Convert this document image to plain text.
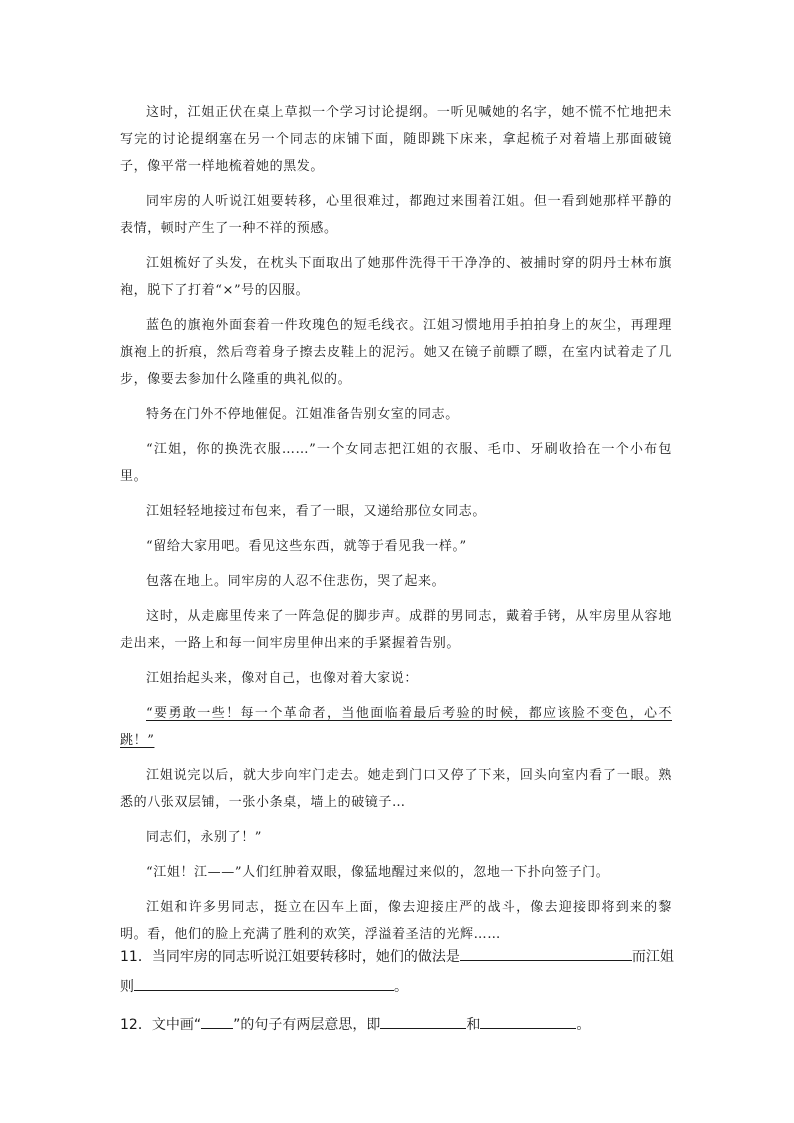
这时，江姐正伏在桌上草拟一个学习讨论提纲。一听见喊她的名字，她不慌不忙地把未写完的讨论提纲塞在另一个同志的床铺下面，随即跳下床来，拿起梳子对着墙上那面破镜子，像平常一样地梳着她的黑发。

同牢房的人听说江姐要转移，心里很难过，都跑过来围着江姐。但一看到她那样平静的表情，顿时产生了一种不祥的预感。

江姐梳好了头发，在枕头下面取出了她那件洗得干干净净的、被捕时穿的阴丹士林布旗袍，脱下了打着“×”号的囚服。

蓝色的旗袍外面套着一件玫瑰色的短毛线衣。江姐习惯地用手拍拍身上的灰尘，再理理旗袍上的折痕，然后弯着身子擦去皮鞋上的泥污。她又在镜子前瞟了瞟，在室内试着走了几步，像要去参加什么隆重的典礼似的。

特务在门外不停地催促。江姐准备告别女室的同志。

“江姐，你的换洗衣服……”一个女同志把江姐的衣服、毛巾、牙刷收拾在一个小布包里。

江姐轻轻地接过布包来，看了一眼，又递给那位女同志。

“留给大家用吧。看见这些东西，就等于看见我一样。”

包落在地上。同牢房的人忍不住悲伤，哭了起来。

这时，从走廊里传来了一阵急促的脚步声。成群的男同志，戴着手铐，从牢房里从容地走出来，一路上和每一间牢房里伸出来的手紧握着告别。

江姐抬起头来，像对自己，也像对着大家说：

“要勇敢一些！每一个革命者，当他面临着最后考验的时候，都应该脸不变色，心不跳！”

江姐说完以后，就大步向牢门走去。她走到门口又停了下来，回头向室内看了一眼。熟悉的八张双层铺，一张小条桌，墙上的破镜子…

同志们，永别了！”

“江姐！江——”人们红肿着双眼，像猛地醒过来似的，忽地一下扑向签子门。

江姐和许多男同志，挺立在囚车上面，像去迎接庄严的战斗，像去迎接即将到来的黎明。看，他们的脸上充满了胜利的欢笑，浮溢着圣洁的光辉……

11．当同牢房的同志听说江姐要转移时，她们的做法是	而江姐则	。

12．文中画“ ”的句子有两层意思，即	和	。
